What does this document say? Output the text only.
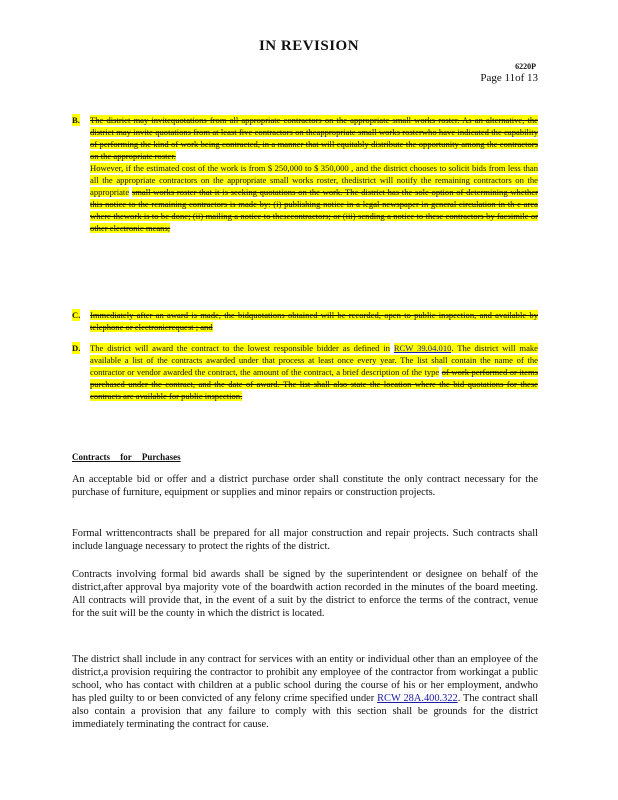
IN REVISION
6220P
Page 11of 13
B. The district may invitequotations from all appropriate contractors on the appropriate small works roster. As an alternative, the district may invite quotations from at least five contractors on theappropriate small works rosterwho have indicated the capability of performing the kind of work being contracted, in a manner that will equitably distribute the opportunity among the contractors on the appropriate roster.
However, if the estimated cost of the work is from $ 250,000 to $ 350,000 , and the district chooses to solicit bids from less than all the appropriate contractors on the appropriate small works roster, thedistrict will notify the remaining contractors on the appropriate small works roster that it is seeking quotations on the work. The district has the sole option of determining whether this notice to the remaining contractors is made by: (i) publishing notice in a legal newspaper in general circulation in th e area where thework is to be done; (ii) mailing a notice to thesecontractors; or (iii) sending a notice to these contractors by facsimile or other electronic means;
C. Immediately after an award is made, the bidquotations obtained will be recorded, open to public inspection, and available by telephone or electronicrequest ; and
D. The district will award the contract to the lowest responsible bidder as defined in RCW 39.04.010. The district will make available a list of the contracts awarded under that process at least once every year. The list shall contain the name of the contractor or vendor awarded the contract, the amount of the contract, a brief description of the type of work performed or items purchased under the contract, and the date of award. The list shall also state the location where the bid quotations for these contracts are available for public inspection.
Contracts for Purchases
An acceptable bid or offer and a district purchase order shall constitute the only contract necessary for the purchase of furniture, equipment or supplies and minor repairs or construction projects.
Formal writtencontracts shall be prepared for all major construction and repair projects. Such contracts shall include language necessary to protect the rights of the district.
Contracts involving formal bid awards shall be signed by the superintendent or designee on behalf of the district,after approval bya majority vote of the boardwith action recorded in the minutes of the board meeting. All contracts will provide that, in the event of a suit by the district to enforce the terms of the contract, venue for the suit will be the county in which the district is located.
The district shall include in any contract for services with an entity or individual other than an employee of the district,a provision requiring the contractor to prohibit any employee of the contractor from workingat a public school, who has contact with children at a public school during the course of his or her employment, andwho has pled guilty to or been convicted of any felony crime specified under RCW 28A.400.322. The contract shall also contain a provision that any failure to comply with this section shall be grounds for the district immediately terminating the contract for cause.
